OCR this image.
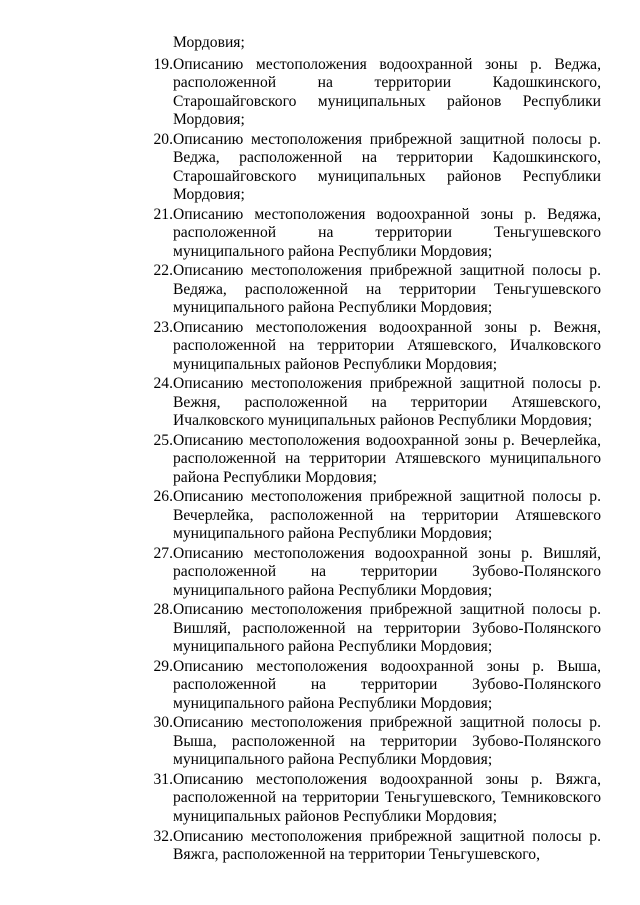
Мордовия;
19. Описанию местоположения водоохранной зоны р. Веджа, расположенной на территории Кадошкинского, Старошайговского муниципальных районов Республики Мордовия;
20. Описанию местоположения прибрежной защитной полосы р. Веджа, расположенной на территории Кадошкинского, Старошайговского муниципальных районов Республики Мордовия;
21. Описанию местоположения водоохранной зоны р. Ведяжа, расположенной на территории Теньгушевского муниципального района Республики Мордовия;
22. Описанию местоположения прибрежной защитной полосы р. Ведяжа, расположенной на территории Теньгушевского муниципального района Республики Мордовия;
23. Описанию местоположения водоохранной зоны р. Вежня, расположенной на территории Атяшевского, Ичалковского муниципальных районов Республики Мордовия;
24. Описанию местоположения прибрежной защитной полосы р. Вежня, расположенной на территории Атяшевского, Ичалковского муниципальных районов Республики Мордовия;
25. Описанию местоположения водоохранной зоны р. Вечерлейка, расположенной на территории Атяшевского муниципального района Республики Мордовия;
26. Описанию местоположения прибрежной защитной полосы р. Вечерлейка, расположенной на территории Атяшевского муниципального района Республики Мордовия;
27. Описанию местоположения водоохранной зоны р. Вишляй, расположенной на территории Зубово-Полянского муниципального района Республики Мордовия;
28. Описанию местоположения прибрежной защитной полосы р. Вишляй, расположенной на территории Зубово-Полянского муниципального района Республики Мордовия;
29. Описанию местоположения водоохранной зоны р. Выша, расположенной на территории Зубово-Полянского муниципального района Республики Мордовия;
30. Описанию местоположения прибрежной защитной полосы р. Выша, расположенной на территории Зубово-Полянского муниципального района Республики Мордовия;
31. Описанию местоположения водоохранной зоны р. Вяжга, расположенной на территории Теньгушевского, Темниковского муниципальных районов Республики Мордовия;
32. Описанию местоположения прибрежной защитной полосы р. Вяжга, расположенной на территории Теньгушевского,
